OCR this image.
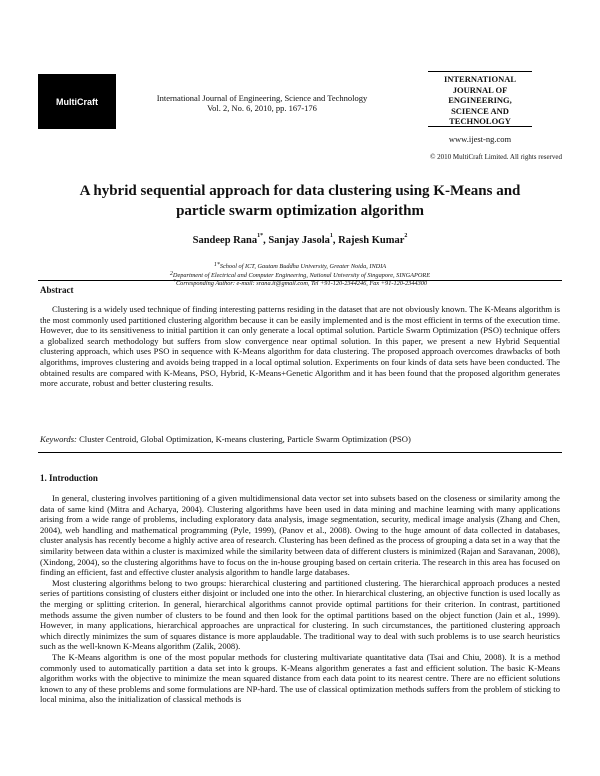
MultiCraft	International Journal of Engineering, Science and Technology
Vol. 2, No. 6, 2010, pp. 167-176
INTERNATIONAL
JOURNAL OF
ENGINEERING,
SCIENCE AND
TECHNOLOGY
www.ijest-ng.com
© 2010 MultiCraft Limited. All rights reserved
A hybrid sequential approach for data clustering using K-Means and
particle swarm optimization algorithm
Sandeep Rana$^{1*}$, Sanjay Jasola$^1$, Rajesh Kumar$^2$
$^{1*}$School of ICT, Gautam Buddha University, Greater Noida, INDIA
$^2$Department of Electrical and Computer Engineering, National University of Singapore, SINGAPORE
*Corresponding Author: e-mail: srana.it@gmail.com, Tel +91-120-2344246, Fax +91-120-2344300
Abstract

Clustering is a widely used technique of finding interesting patterns residing in the dataset that are not obviously known. The K-Means algorithm is the most commonly used partitioned clustering algorithm because it can be easily implemented and is the most efficient in terms of the execution time. However, due to its sensitiveness to initial partition it can only generate a local optimal solution. Particle Swarm Optimization (PSO) technique offers a globalized search methodology but suffers from slow convergence near optimal solution. In this paper, we present a new Hybrid Sequential clustering approach, which uses PSO in sequence with K-Means algorithm for data clustering. The proposed approach overcomes drawbacks of both algorithms, improves clustering and avoids being trapped in a local optimal solution. Experiments on four kinds of data sets have been conducted. The obtained results are compared with K-Means, PSO, Hybrid, K-Means+Genetic Algorithm and it has been found that the proposed algorithm generates more accurate, robust and better clustering results.

Keywords: Cluster Centroid, Global Optimization, K-means clustering, Particle Swarm Optimization (PSO)
1. Introduction

In general, clustering involves partitioning of a given multidimensional data vector set into subsets based on the closeness or similarity among the data of same kind (Mitra and Acharya, 2004). Clustering algorithms have been used in data mining and machine learning with many applications arising from a wide range of problems, including exploratory data analysis, image segmentation, security, medical image analysis (Zhang and Chen, 2004), web handling and mathematical programming (Pyle, 1999), (Panov et al., 2008). Owing to the huge amount of data collected in databases, cluster analysis has recently become a highly active area of research. Clustering has been defined as the process of grouping a data set in a way that the similarity between data within a cluster is maximized while the similarity between data of different clusters is minimized (Rajan and Saravanan, 2008), (Xindong, 2004), so the clustering algorithms have to focus on the in-house grouping based on certain criteria. The research in this area has focused on finding an efficient, fast and effective cluster analysis algorithm to handle large databases.

Most clustering algorithms belong to two groups: hierarchical clustering and partitioned clustering. The hierarchical approach produces a nested series of partitions consisting of clusters either disjoint or included one into the other. In hierarchical clustering, an objective function is used locally as the merging or splitting criterion. In general, hierarchical algorithms cannot provide optimal partitions for their criterion. In contrast, partitioned methods assume the given number of clusters to be found and then look for the optimal partitions based on the object function (Jain et al., 1999). However, in many applications, hierarchical approaches are unpractical for clustering. In such circumstances, the partitioned clustering approach which directly minimizes the sum of squares distance is more applaudable. The traditional way to deal with such problems is to use search heuristics such as the well-known K-Means algorithm (Zalik, 2008).

The K-Means algorithm is one of the most popular methods for clustering multivariate quantitative data (Tsai and Chiu, 2008). It is a method commonly used to automatically partition a data set into k groups. K-Means algorithm generates a fast and efficient solution. The basic K-Means algorithm works with the objective to minimize the mean squared distance from each data point to its nearest centre. There are no efficient solutions known to any of these problems and some formulations are NP-hard. The use of classical optimization methods suffers from the problem of sticking to local minima, also the initialization of classical methods is
